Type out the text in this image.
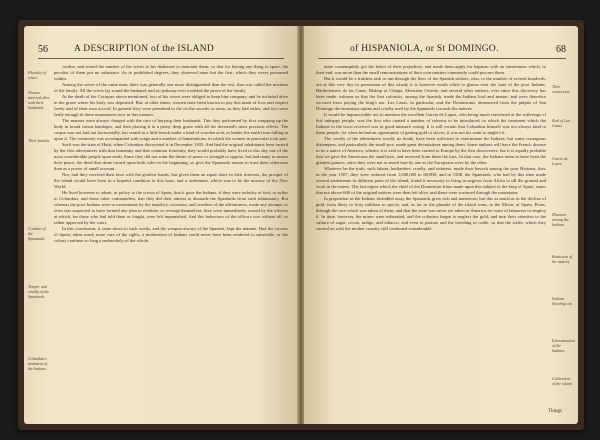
56	A DESCRIPTION of the ISLAND
Plurality of wives.
Women interred alive with their husbands.
Their burials.
Conduct of the Spaniards.
Temper and cruelty of the Spaniards.
Columbus's treatment of the Indians.

cordier, and seised the number of his wives to his dishonest to maintain them; so that for having any thing to spare, the peculiar of them put no substance. As to prohibited degrees, they observed none but the first, which they never presumed within.

Among the wives of the same man, there was generally one more distinguished than the rest, that was called the mistress of the family. All the wives lay round the husband, and no jealousy ever troubled the peace of the family.

At the death of the Caciques above mentioned, two of his wives were obliged to keep him company, and be included alive in the grave where his body was deposited. But, at other times, women have been known to pay this mark of love and respect freely and of their own accord. In general they were permitted to die on the swords or away, as they had rather, and two were fairly enough in these monuments now in this manner.

The manner were always charged with the care of burying their husbands. This they performed by first wrapping up the body in broad cotton bandages, and then placing it in a pretty deep grave with all the deceased's most precious effects. The corpse was not laid out horizontally, but seated in a little bench under a kind of wooden arch, to hinder the earth from falling in upon it. The ceremony was accompanied with songs and a number of lamentations, in which the women in particular took part.

Such was the state of Haiti, when Columbus discovered it in December 1492. And had the original inhabitants been treated by the first adventurers with that humanity and that common fraternity, they would probably have lived to this day one of the most considerable people upon earth. Since they did not want the desire of peace or strength to oppose, but had many to assure their peace, the deed thus done turned upon both sides in the beginning, so give the Spaniards reason to trust them otherwise than as a power of small account.

Nor, had they received their laws with the gentlest hands, but given them an equal share in their interests, the prosper of the island would have been in a hopeful condition to this hour; and a settlement, which was to be the nursery of the New World.

He lived however to admit, in policy to the crown of Spain, that it gave the Indians, if they were unlucky at first, to suffer to Columbus, and those other commanders, that they did their utmost to dissuade the Spaniards from such inhumanity. But whereas the poor Indians were to exterminate by the impolicy, extortion, and cruelties of the adventurers, made any attempt, or even was suspected to have formed any plan to retaliate, or revenge themselves, they were immediately roused by the officers at which, for those who had told them or fought, were left impunished. And this behaviour of the officers was without all, or rather approved by the court.

In this conclusion, it came down to such words, and the weapon always of the Spanish, kept the manner. Had the crowns of Spain, taken much more care of the rights, a moderation of Indians could never have been rendered so miserable, or the colony continue so long a melancholy of the whole.

of HISPANIOLA, or St DOMINGO.	68

more contemptibly got the better of their prejudices, and made them apply for baptism with an earnestness which, to their end, was more than the small remonstrations of their own masters commonly could procure them.

But it would be a fruitless task to run through the lives of the Spanish settlers, who, to the number of several hundreds, are at this very day in possession of this island; it is however worth while to glance over the state of the poor Indians. Bartholomew de las Casas, Bishop of Chiapa, Monsieur Oviedo, and several other authors, ever since this discovery has been made, informs us that the first colonists, among the Spanish, made the Indians lord and master, and were therefore excused from paying the king's tax. Las Casas, in particular, and the Dominicans, denounced from the pulpits of San Domingo the enormous rapine and cruelty used by the Spaniards towards the natives.

It would be impracticable not to mention the excellent Garcia de Lopez, who being much concerned at the sufferings of this unhappy people, was the first who caused a number of reforms to be introduced, to which the treatment which the Indians in the town received was in good measure owing. It is still certain that Columbus himself was not always kind to these people; for when he had an opportunity of getting gold or slaves, it was not his wont to neglect it.

The cruelty of the adventurers would, no doubt, have been sufficient to exterminate the Indians; but some contagious distempers, and particularly the small-pox, made great devastations among them. Some authors will have the French disease to be a native of America, whence it is said to have been carried to Europe by the first discoverers; but it is equally probable that we gave the Americans the small-pox, and received from them the lues. In that case, the Indians seem to have been the greatest gainers, since they were not so much hurt by one as the Europeans were by the other.

Whatever be the truth, such labour, barbarities, cruelty, and sickness, made their havock among the poor Haitians, that, in the year 1507, they were reduced from 1,000,000 to 60,000; and in 1508, the Spaniards, who had by this time made several settlements in different parts of the island, found it necessary to bring in negroes from Africa to till the ground and work in the mines. The last report which the chief of the Dominican friars made upon this subject to the king of Spain, states that not above 600 of the original natives were then left alive, and these were scattered through the mountains.

In proportion as the Indians dwindled away the Spaniards grew rich and numerous; but this as much as in the decline of gold, from thirty to forty millions in specie, and, as far as the plunder of the island went, to the Moors of Spain. Pious, through the care which was taken of them, and that the state was never yet taken in America for want of labourers to employ it. In time, however, the mines were exhausted, and the colonists began to neglect the gold, and turn their attention to the culture of sugar, cocoa, indigo, and tobacco, and even to pasture and the breeding of cattle; so that the traffic which they carried on with the mother country still continued considerable.

Their conversion.
Zeal of Las Casas.
Garcia de Lopez.
Diseases among the Indians.
Reduction of the natives.
Indians bleeding out.
Extermination of the Indians.
Cultivation of the island.
Things
